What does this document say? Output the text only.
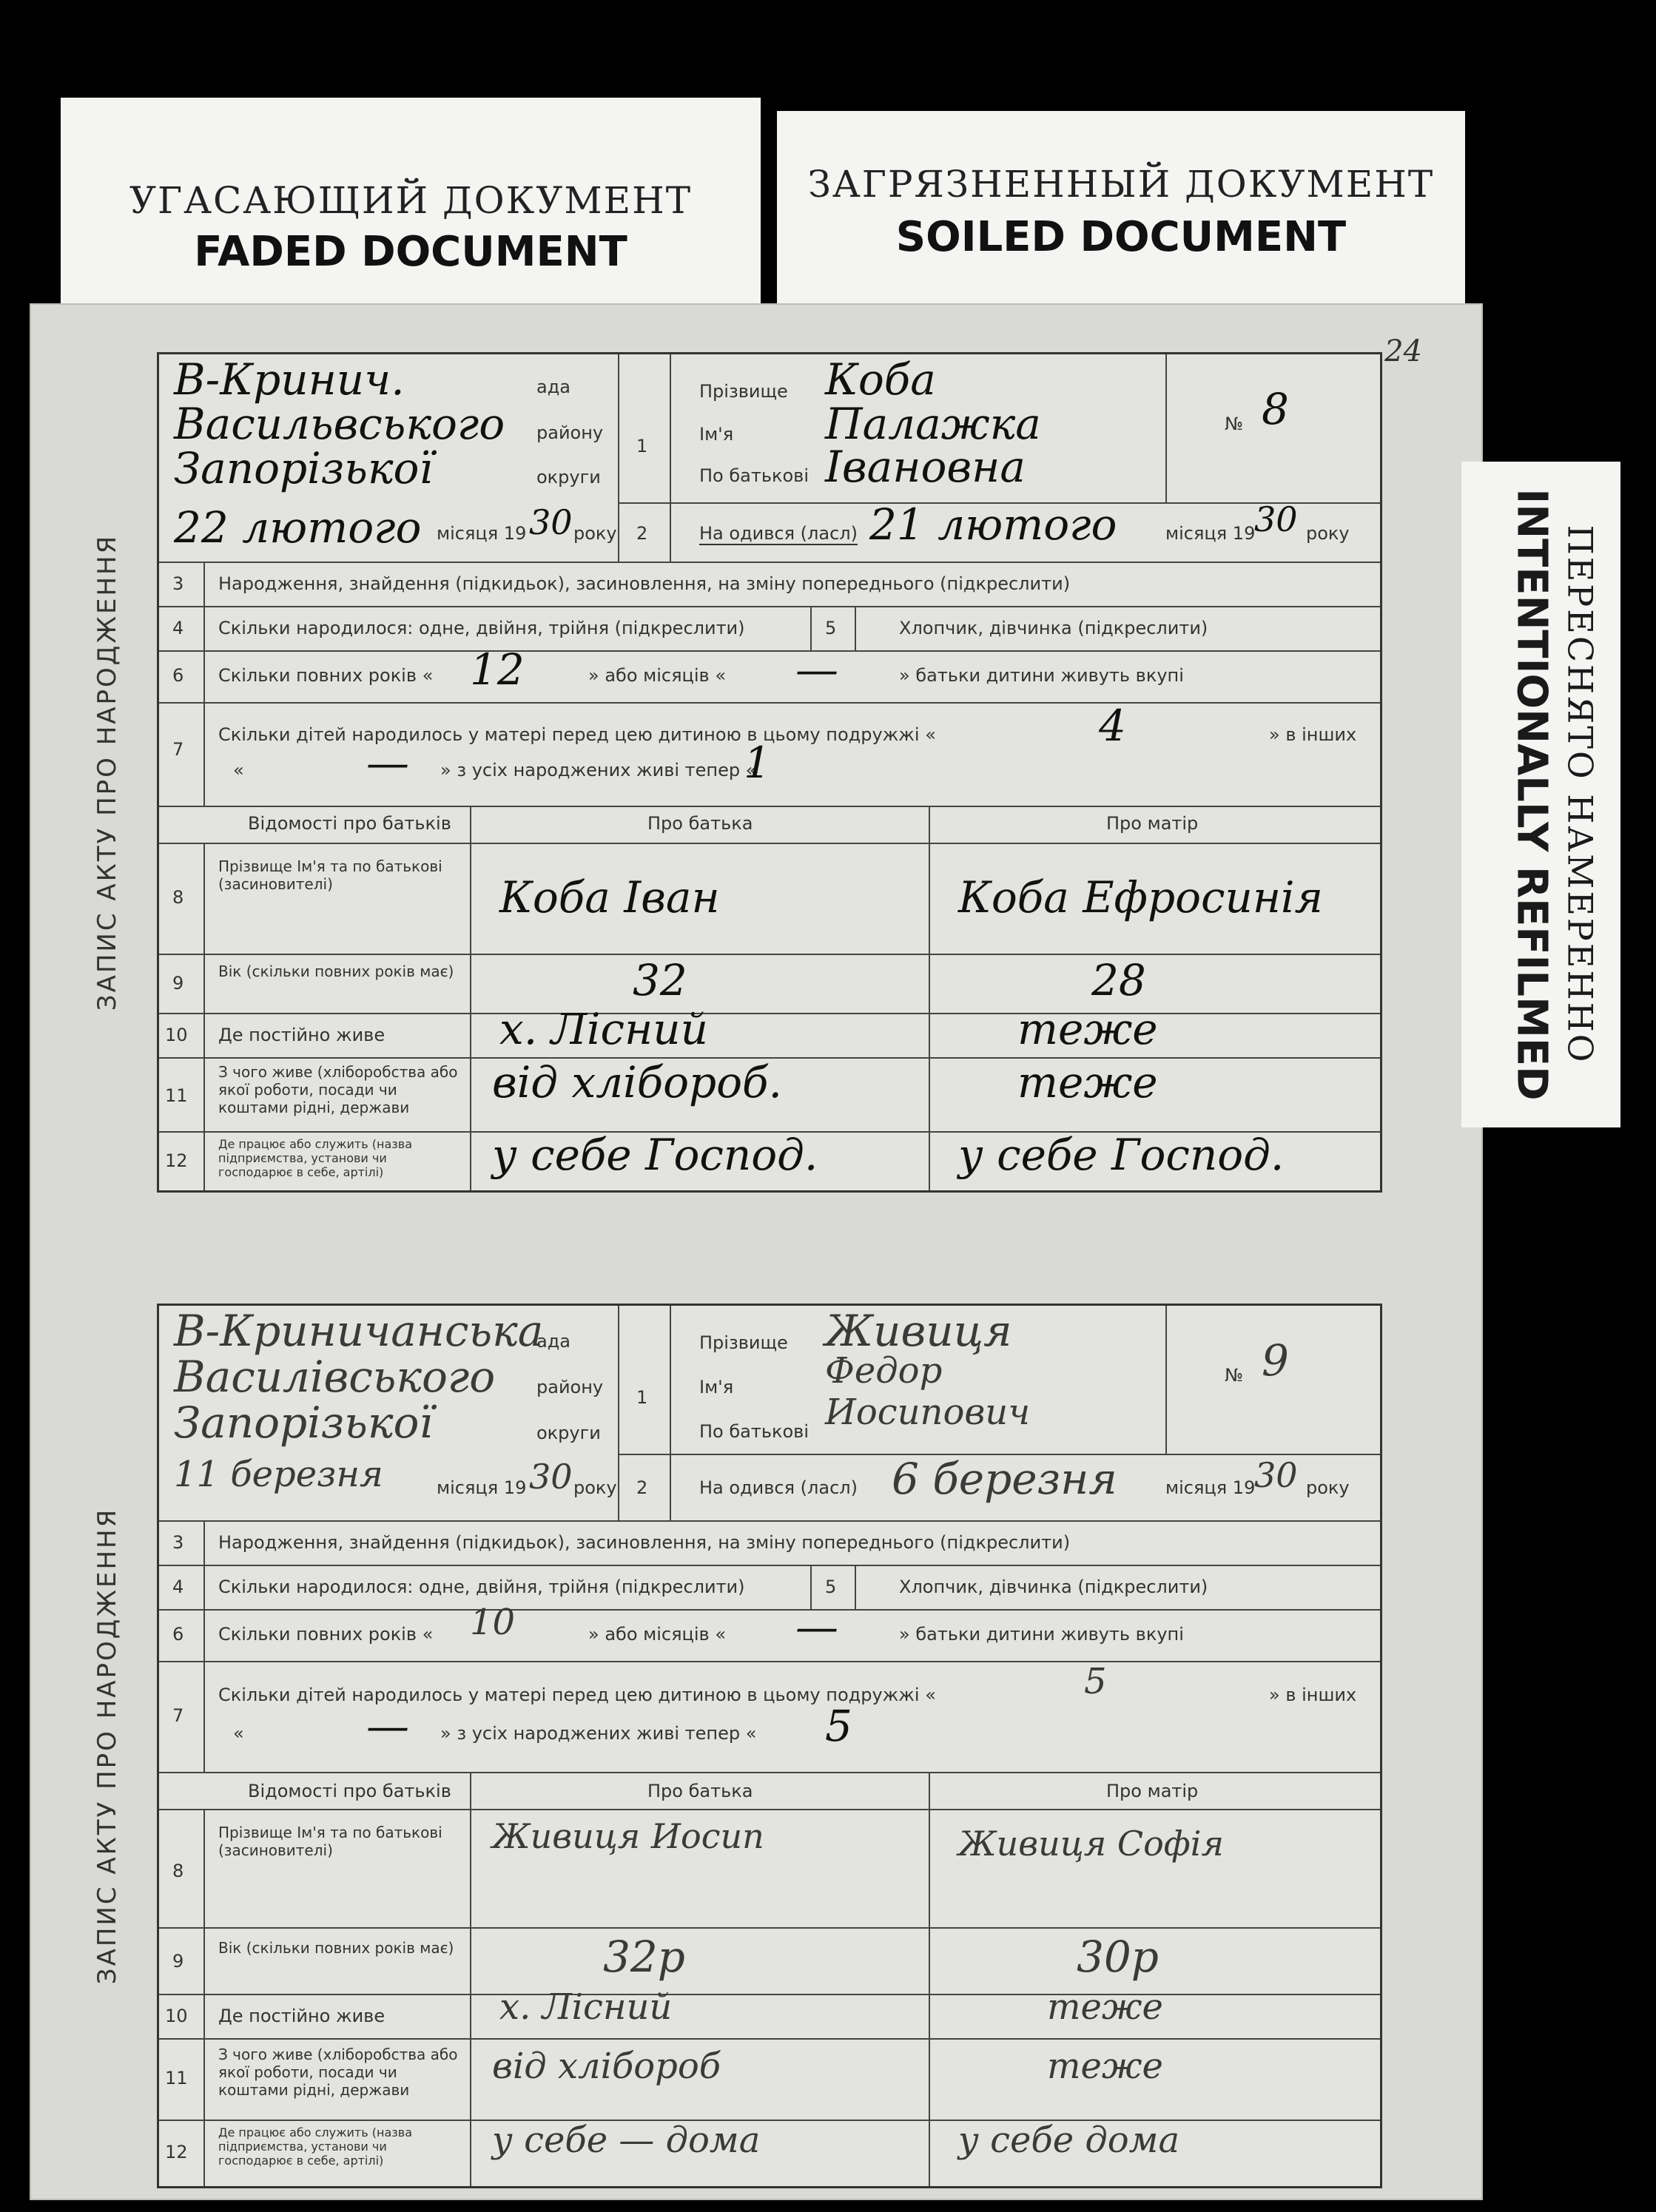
УГАСАЮЩИЙ ДОКУМЕНТ
FADED DOCUMENT
ЗАГРЯЗНЕННЫЙ ДОКУМЕНТ
SOILED DOCUMENT
24
ЗАПИС АКТУ ПРО НАРОДЖЕННЯ
В-Кринич.	ада
Васильвського району
Запорізької	округи
22 лютого місяця 19 30 року
1
Прізвище Коба
Ім'я Палажка
По батькові Івановна
№ 8
2	На одився (ласл) 21 лютого	місяця 19
30 року
3 Народження, знайдення (підкидьок), засиновлення, на зміну попереднього (підкреслити)
4 Скільки народилося: одне, двійня, трійня (підкреслити)	5	Хлопчик, дівчинка (підкреслити)
6 Скільки повних років « 12	» або місяців « —	» батьки дитини живуть вкупі
7
Скільки дітей народилось у матері перед цею дитиною в цьому подружжі «	4	» в інших
«	— » з усіх народжених живі тепер «
1
Відомості про батьків	Про батька	Про матір
8
Прізвище Ім'я та по батькові (засиновителі)	Коба Іван	Коба Ефросинія
9
Вік (скільки повних років має)	32	28
10 Де постійно живе	х. Лісний	теже
11
З чого живе (хліборобства або якої роботи, посади чи коштами рідні, держави	від хлібороб.	теже
12
Де працює або служить (назва підприємства, установи чи господарює в себе, артілі)	у себе Господ.	у себе Господ.
ЗАПИС АКТУ ПРО НАРОДЖЕННЯ
В-Криничанська
ада
Василівського району
Запорізької	округи
11 березня	місяця 19 30 року
1
Прізвище Живиця
Ім'я	Федор
По батькові Иосипович
№ 9
2	На одився (ласл) 6 березня	місяця 19
30 року
3 Народження, знайдення (підкидьок), засиновлення, на зміну попереднього (підкреслити)
4 Скільки народилося: одне, двійня, трійня (підкреслити)	5	Хлопчик, дівчинка (підкреслити)
6 Скільки повних років « 10	» або місяців « —	» батьки дитини живуть вкупі
7
Скільки дітей народилось у матері перед цею дитиною в цьому подружжі «	5	» в інших
«	— » з усіх народжених живі тепер « 5
Відомості про батьків	Про батька	Про матір
8
Прізвище Ім'я та по батькові (засиновителі)	Живиця Иосип	Живиця Софія
9
Вік (скільки повних років має)	32р	30р
10 Де постійно живе	х. Лісний	теже
11
З чого живе (хліборобства або якої роботи, посади чи коштами рідні, держави
від хлібороб	теже
12
Де працює або служить (назва підприємства, установи чи господарює в себе, артілі)	у себе — дома	у себе дома
ПЕРЕСНЯТО НАМЕРЕННО
INTENTIONALLY REFILMED
